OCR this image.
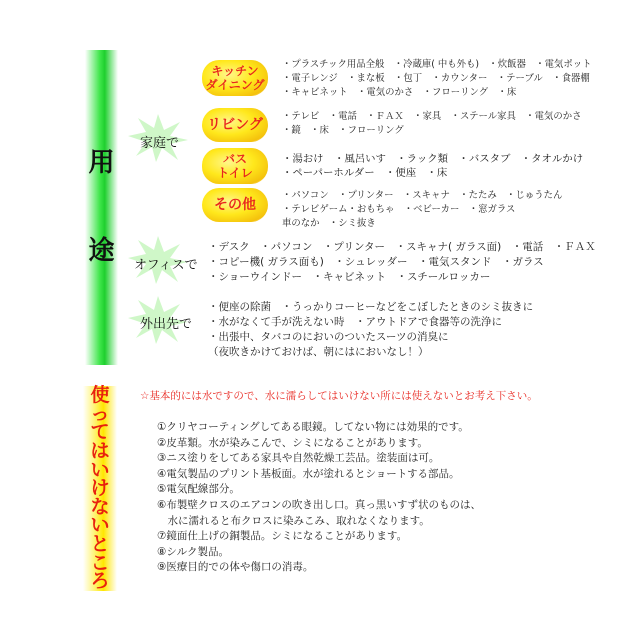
用
途
家庭で
オフィスで
外出先で
キッチン
ダイニング
・プラスチック用品全般　・冷蔵庫( 中も外も)　・炊飯器　・電気ポット
・電子レンジ　・まな板　・包丁　・カウンター　・テーブル　・食器棚
・キャビネット　・電気のかさ　・フローリング　・床
リビング
・テレビ　・電話　・ＦＡＸ　・家具　・ステール家具　・電気のかさ
・鏡　・床　・フローリング
バス
トイレ
・湯おけ　・風呂いす　・ラック類　・バスタブ　・タオルかけ
・ペーパーホルダー　・便座　・床
その他
・パソコン　・プリンター　・スキャナ　・たたみ　・じゅうたん
・テレビゲーム・おもちゃ　・ベビーカー　・窓ガラス
車のなか　・シミ抜き
・デスク　・パソコン　・プリンター　・スキャナ( ガラス面)　・電話　・ＦＡＸ
・コピー機( ガラス面も)　・シュレッダー　・電気スタンド　・ガラス
・ショーウインドー　・キャビネット　・スチールロッカー
・便座の除菌　・うっかりコーヒーなどをこぼしたときのシミ抜きに
・水がなくて手が洗えない時　・アウトドアで食器等の洗浄に
・出張中、タバコのにおいのついたスーツの消臭に
（夜吹きかけておけば、朝にはにおいなし！）
使
っ
て
は
い
け
な
い
と
こ
ろ
☆基本的には水ですので、水に濡らしてはいけない所には使えないとお考え下さい。
①クリヤコーティングしてある眼鏡。してない物には効果的です。
②皮革類。水が染みこんで、シミになることがあります。
③ニス塗りをしてある家具や自然乾燥工芸品。塗装面は可。
④電気製品のプリント基板面。水が塗れるとショートする部品。
⑤電気配線部分。
⑥布製壁クロスのエアコンの吹き出し口。真っ黒いすず状のものは、
　水に濡れると布クロスに染みこみ、取れなくなります。
⑦鏡面仕上げの銅製品。シミになることがあります。
⑧シルク製品。
⑨医療目的での体や傷口の消毒。
